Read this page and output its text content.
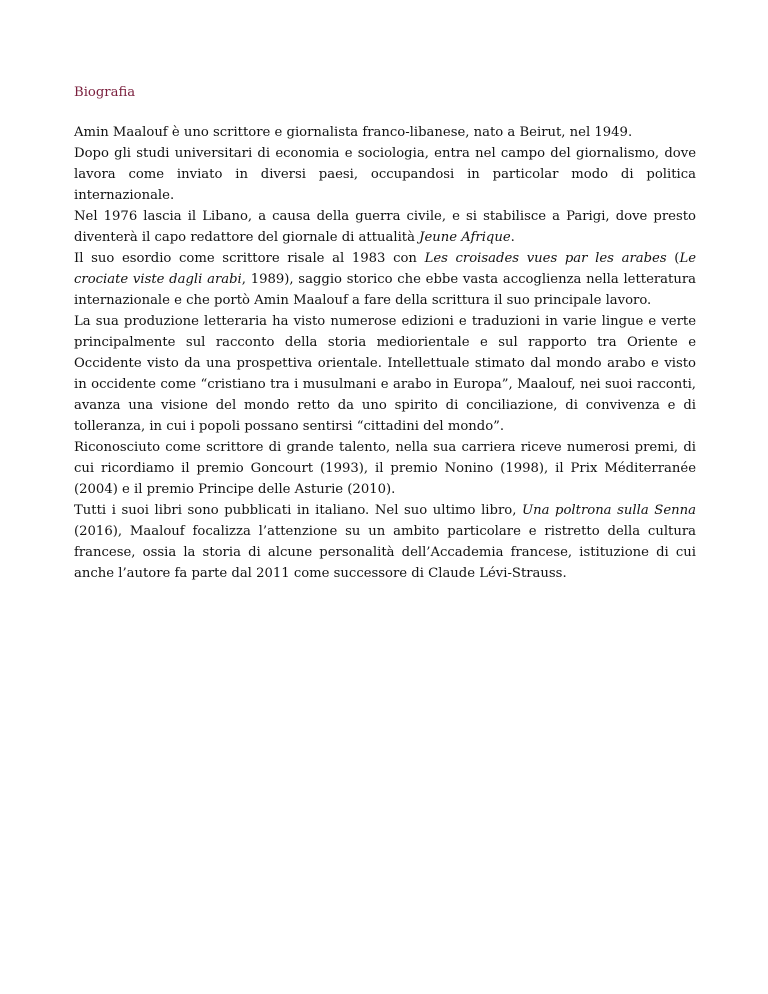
Biografia

Amin Maalouf è uno scrittore e giornalista franco-libanese, nato a Beirut, nel 1949.

Dopo gli studi universitari di economia e sociologia, entra nel campo del giornalismo, dove lavora come inviato in diversi paesi, occupandosi in particolar modo di politica internazionale.

Nel 1976 lascia il Libano, a causa della guerra civile, e si stabilisce a Parigi, dove presto diventerà il capo redattore del giornale di attualità Jeune Afrique.

Il suo esordio come scrittore risale al 1983 con Les croisades vues par les arabes (Le crociate viste dagli arabi, 1989), saggio storico che ebbe vasta accoglienza nella letteratura internazionale e che portò Amin Maalouf a fare della scrittura il suo principale lavoro.

La sua produzione letteraria ha visto numerose edizioni e traduzioni in varie lingue e verte principalmente sul racconto della storia mediorientale e sul rapporto tra Oriente e Occidente visto da una prospettiva orientale. Intellettuale stimato dal mondo arabo e visto in occidente come “cristiano tra i musulmani e arabo in Europa”, Maalouf, nei suoi racconti, avanza una visione del mondo retto da uno spirito di conciliazione, di convivenza e di tolleranza, in cui i popoli possano sentirsi “cittadini del mondo”.

Riconosciuto come scrittore di grande talento, nella sua carriera riceve numerosi premi, di cui ricordiamo il premio Goncourt (1993), il premio Nonino (1998), il Prix Méditerranée (2004) e il premio Principe delle Asturie (2010).

Tutti i suoi libri sono pubblicati in italiano. Nel suo ultimo libro, Una poltrona sulla Senna (2016), Maalouf focalizza l’attenzione su un ambito particolare e ristretto della cultura francese, ossia la storia di alcune personalità dell’Accademia francese, istituzione di cui anche l’autore fa parte dal 2011 come successore di Claude Lévi-Strauss.
